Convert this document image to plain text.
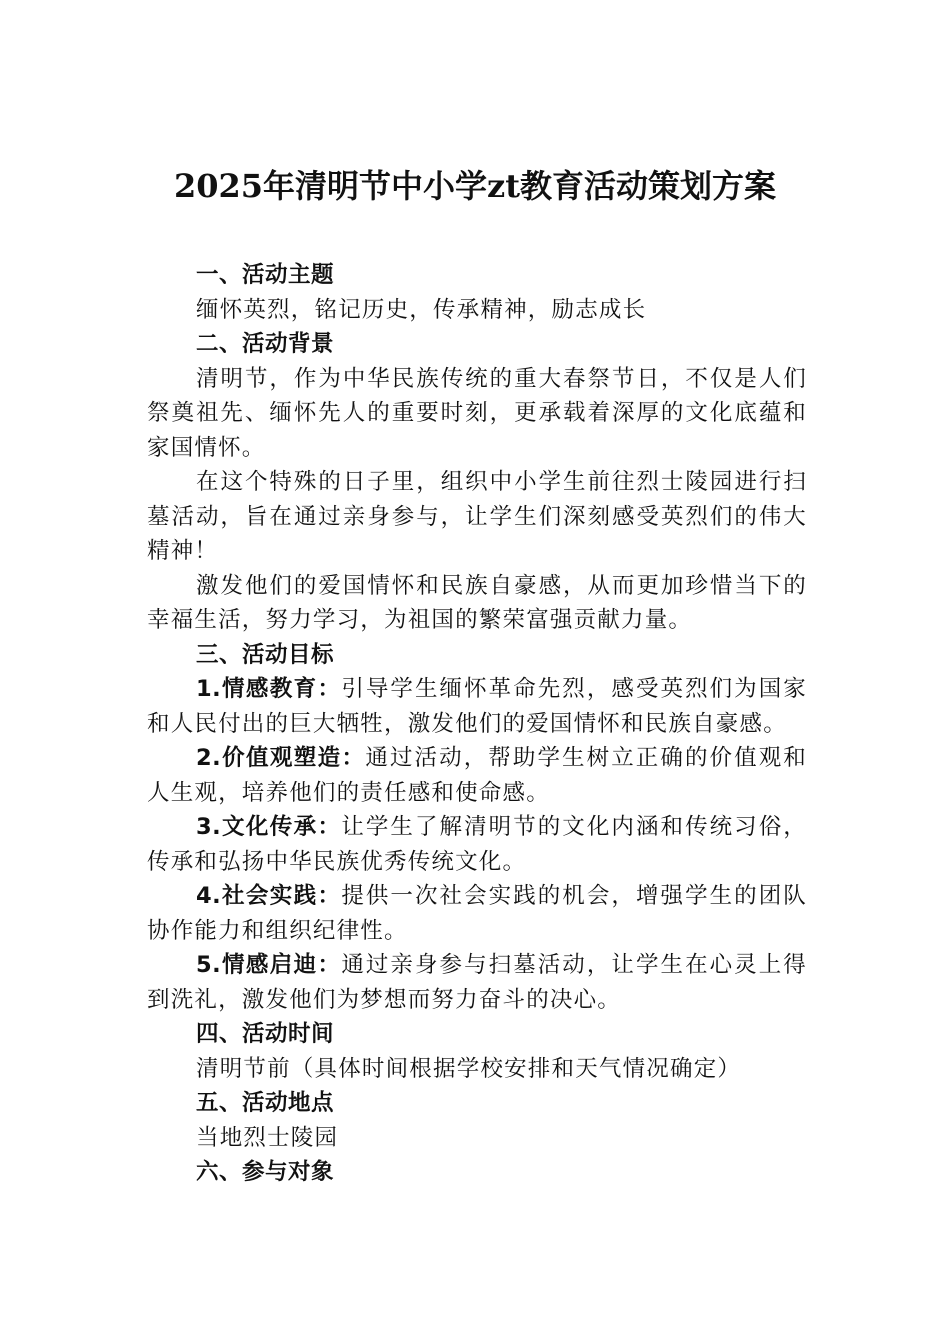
2025年清明节中小学zt教育活动策划方案

一、活动主题

缅怀英烈，铭记历史，传承精神，励志成长

二、活动背景

清明节，作为中华民族传统的重大春祭节日，不仅是人们祭奠祖先、缅怀先人的重要时刻，更承载着深厚的文化底蕴和家国情怀。

在这个特殊的日子里，组织中小学生前往烈士陵园进行扫墓活动，旨在通过亲身参与，让学生们深刻感受英烈们的伟大精神！

激发他们的爱国情怀和民族自豪感，从而更加珍惜当下的幸福生活，努力学习，为祖国的繁荣富强贡献力量。

三、活动目标

1.情感教育：引导学生缅怀革命先烈，感受英烈们为国家和人民付出的巨大牺牲，激发他们的爱国情怀和民族自豪感。

2.价值观塑造：通过活动，帮助学生树立正确的价值观和人生观，培养他们的责任感和使命感。

3.文化传承：让学生了解清明节的文化内涵和传统习俗，传承和弘扬中华民族优秀传统文化。

4.社会实践：提供一次社会实践的机会，增强学生的团队协作能力和组织纪律性。

5.情感启迪：通过亲身参与扫墓活动，让学生在心灵上得到洗礼，激发他们为梦想而努力奋斗的决心。

四、活动时间

清明节前（具体时间根据学校安排和天气情况确定）

五、活动地点

当地烈士陵园

六、参与对象
